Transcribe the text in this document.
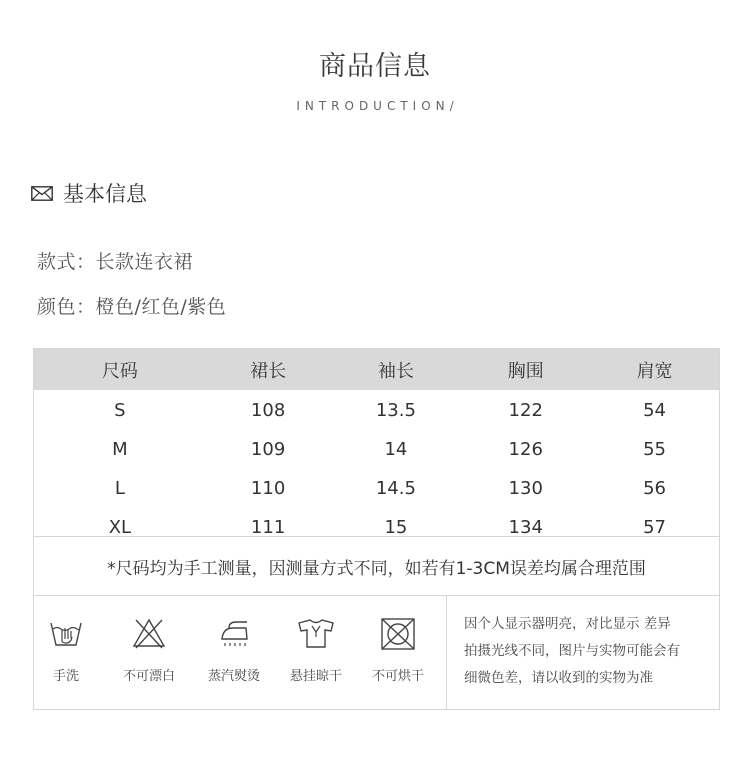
商品信息
INTRODUCTION/
基本信息
款式：长款连衣裙
颜色：橙色/红色/紫色
尺码	裙长	袖长	胸围	肩宽
S	108	13.5	122	54
M	109	14	126	55
L	110	14.5	130	56
XL	111	15	134	57
*尺码均为手工测量，因测量方式不同，如若有1-3CM误差均属合理范围
手洗	不可漂白	蒸汽熨烫	悬挂晾干	不可烘干
因个人显示器明亮，对比显示 差异
拍摄光线不同，图片与实物可能会有
细微色差，请以收到的实物为准
